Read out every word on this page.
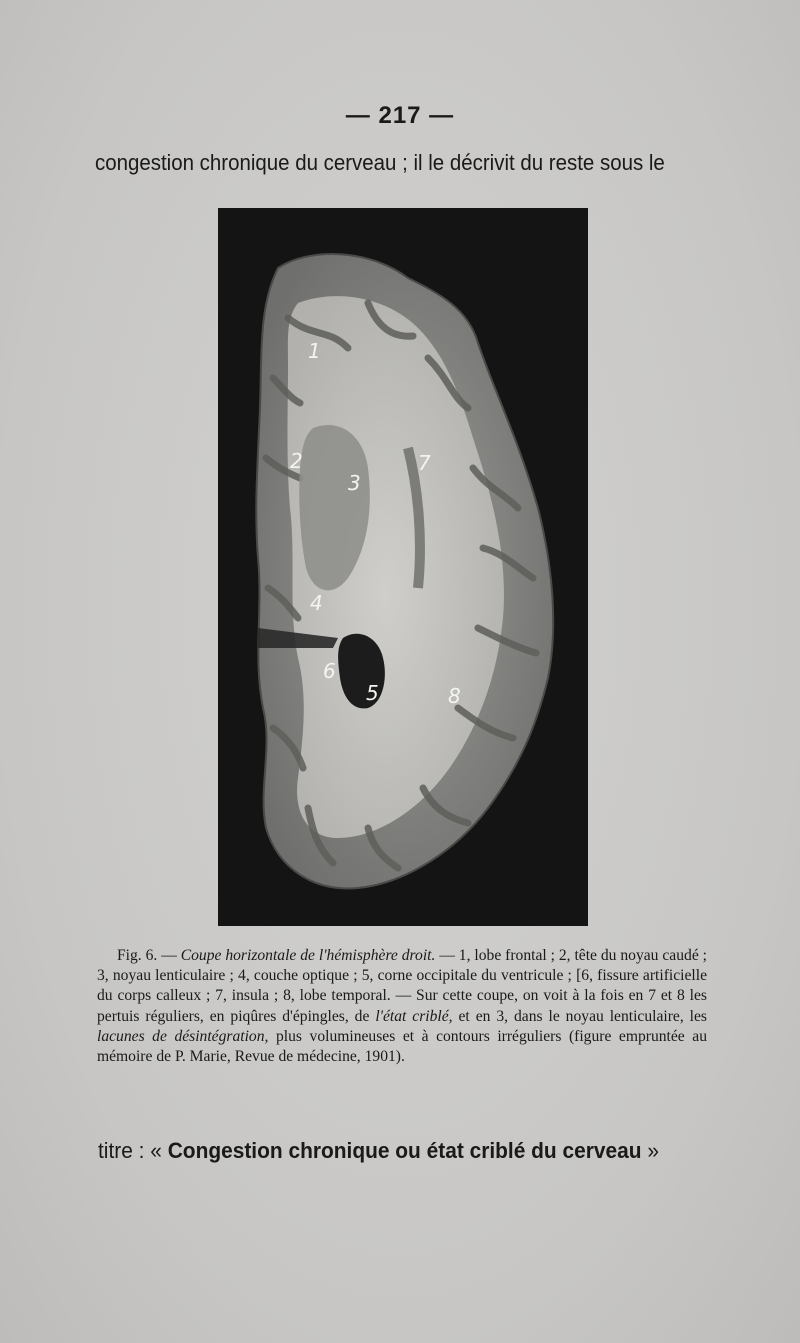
— 217 —
congestion chronique du cerveau ; il le décrivit du reste sous le
1
2
3
4
5
6
7
8
Fig. 6. — Coupe horizontale de l'hémisphère droit. — 1, lobe frontal ; 2, tête du noyau caudé ; 3, noyau lenticulaire ; 4, couche optique ; 5, corne occipitale du ventricule ; [6, fissure artificielle du corps calleux ; 7, insula ; 8, lobe temporal. — Sur cette coupe, on voit à la fois en 7 et 8 les pertuis réguliers, en piqûres d'épingles, de l'état criblé, et en 3, dans le noyau lenticulaire, les lacunes de désintégration, plus volumineuses et à contours irréguliers (figure empruntée au mémoire de P. Marie, Revue de médecine, 1901).
titre : « Congestion chronique ou état criblé du cerveau »
